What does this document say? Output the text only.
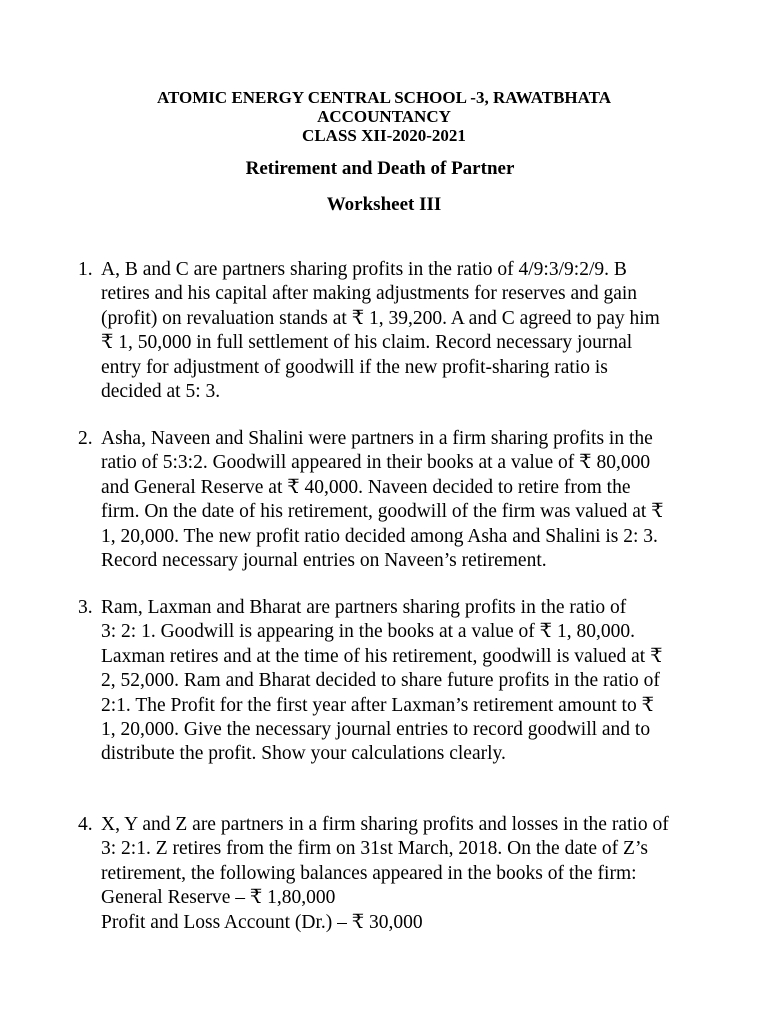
ATOMIC ENERGY CENTRAL SCHOOL -3, RAWATBHATA
ACCOUNTANCY
CLASS XII-2020-2021
Retirement and Death of Partner
Worksheet III
1. A, B and C are partners sharing profits in the ratio of 4/9:3/9:2/9. B
retires and his capital after making adjustments for reserves and gain
(profit) on revaluation stands at ₹ 1, 39,200. A and C agreed to pay him
₹ 1, 50,000 in full settlement of his claim. Record necessary journal
entry for adjustment of goodwill if the new profit-sharing ratio is
decided at 5: 3.
2. Asha, Naveen and Shalini were partners in a firm sharing profits in the
ratio of 5:3:2. Goodwill appeared in their books at a value of ₹ 80,000
and General Reserve at ₹ 40,000. Naveen decided to retire from the
firm. On the date of his retirement, goodwill of the firm was valued at ₹
1, 20,000. The new profit ratio decided among Asha and Shalini is 2: 3.
Record necessary journal entries on Naveen’s retirement.
3. Ram, Laxman and Bharat are partners sharing profits in the ratio of
3: 2: 1. Goodwill is appearing in the books at a value of ₹ 1, 80,000.
Laxman retires and at the time of his retirement, goodwill is valued at ₹
2, 52,000. Ram and Bharat decided to share future profits in the ratio of
2:1. The Profit for the first year after Laxman’s retirement amount to ₹
1, 20,000. Give the necessary journal entries to record goodwill and to
distribute the profit. Show your calculations clearly.
4. X, Y and Z are partners in a firm sharing profits and losses in the ratio of
3: 2:1. Z retires from the firm on 31st March, 2018. On the date of Z’s
retirement, the following balances appeared in the books of the firm:
General Reserve – ₹ 1,80,000
Profit and Loss Account (Dr.) – ₹ 30,000
